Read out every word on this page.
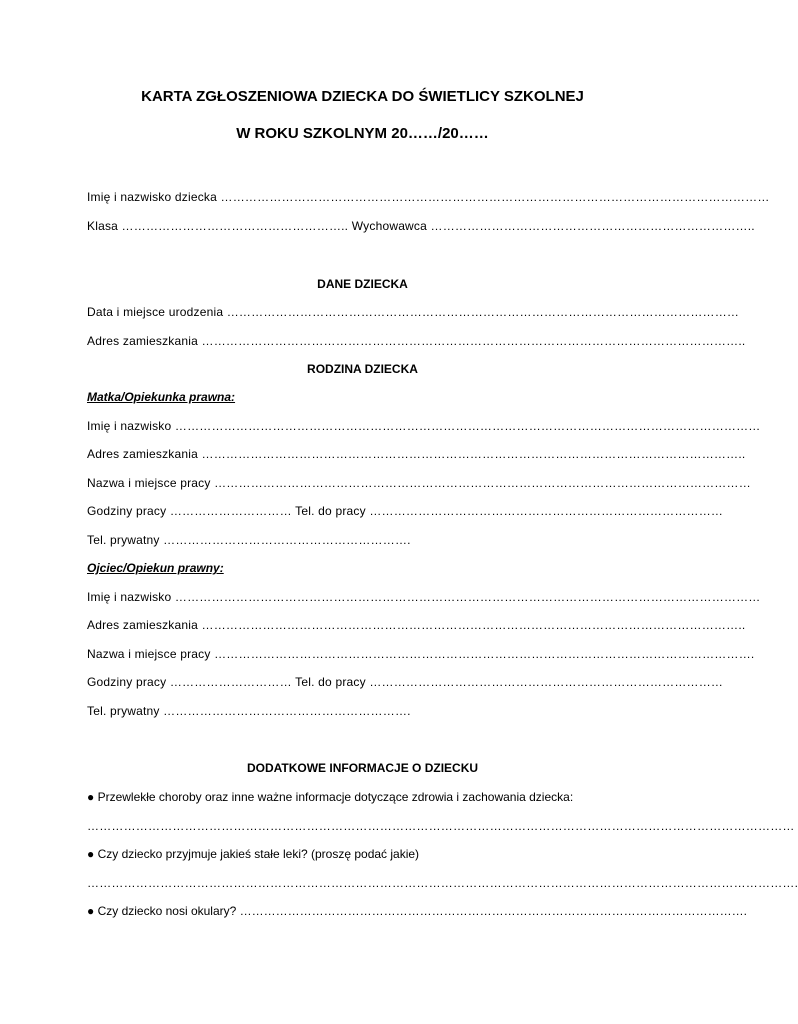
KARTA ZGŁOSZENIOWA DZIECKA DO ŚWIETLICY SZKOLNEJ
W ROKU SZKOLNYM 20……/20……
Imię i nazwisko dziecka ………………………………………………………………………………………………………………………
Klasa ……………………………………………….. Wychowawca ……………………………………………………………………..
DANE DZIECKA
Data i miejsce urodzenia ………………………………………………………………………………………………………………
Adres zamieszkania ……………………………………………………………………………………………………………………..
RODZINA DZIECKA
Matka/Opiekunka prawna:
Imię i nazwisko ………………………………………………………………………………………………………………………………
Adres zamieszkania ……………………………………………………………………………………………………………………..
Nazwa i miejsce pracy ……………………………………………………………………………………………………………………
Godziny pracy ………………………… Tel. do pracy ……………………………………………………………………………
Tel. prywatny …………………………………………………….
Ojciec/Opiekun prawny:
Imię i nazwisko ………………………………………………………………………………………………………………………………
Adres zamieszkania ……………………………………………………………………………………………………………………..
Nazwa i miejsce pracy …………………………………………………………………………………………………………………….
Godziny pracy ………………………… Tel. do pracy ……………………………………………………………………………
Tel. prywatny …………………………………………………….
DODATKOWE INFORMACJE O DZIECKU
● Przewlekłe choroby oraz inne ważne informacje dotyczące zdrowia i zachowania dziecka:
…………………………………………………………………………………………………………………………………………………………
● Czy dziecko przyjmuje jakieś stałe leki? (proszę podać jakie)
………………………………………………………………………………………………………………………………………………………….
● Czy dziecko nosi okulary? ……………………………………………………………………………………………………………….
